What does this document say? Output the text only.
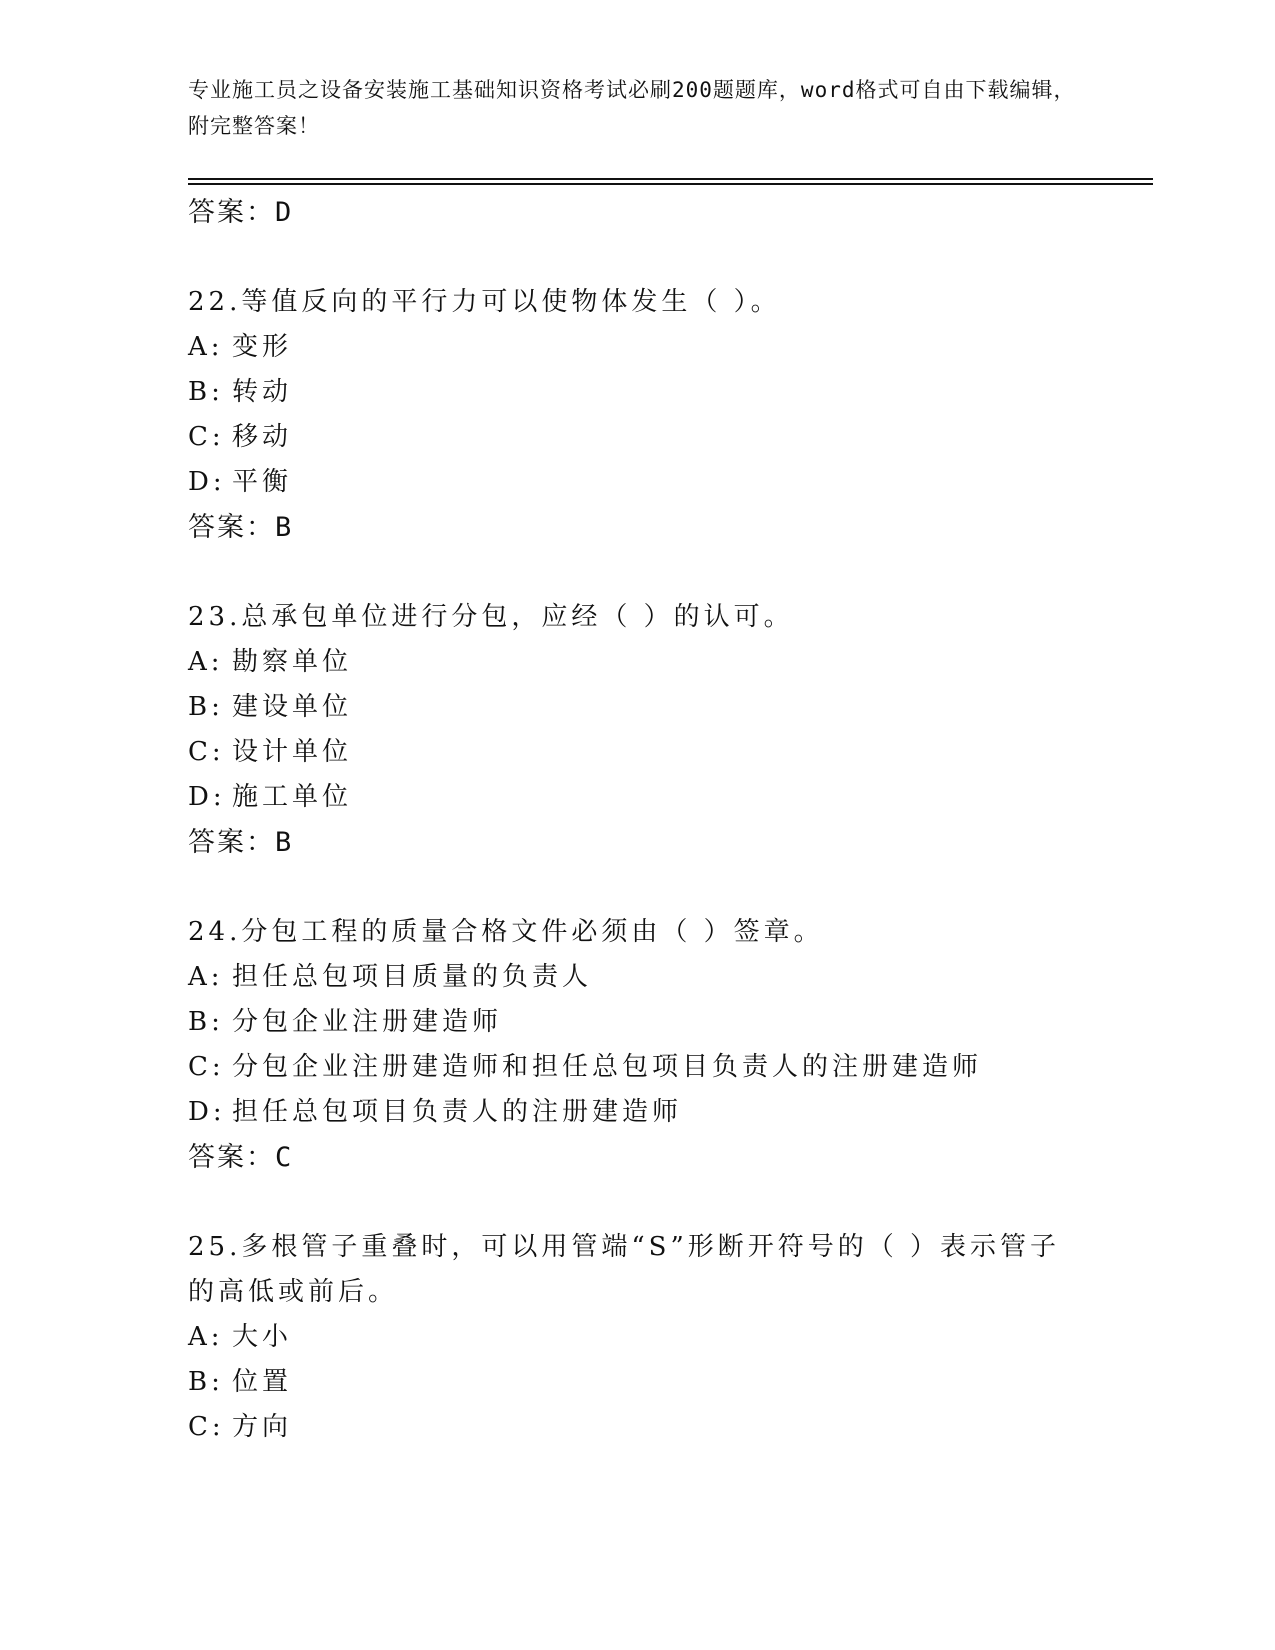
专业施工员之设备安装施工基础知识资格考试必刷200题题库，word格式可自由下载编辑，附完整答案！

答案：D

22.等值反向的平行力可以使物体发生（ ）。

A: 变形

B: 转动

C: 移动

D: 平衡

答案：B

23.总承包单位进行分包，应经（ ）的认可。

A: 勘察单位

B: 建设单位

C: 设计单位

D: 施工单位

答案：B

24.分包工程的质量合格文件必须由（ ）签章。

A: 担任总包项目质量的负责人

B: 分包企业注册建造师

C: 分包企业注册建造师和担任总包项目负责人的注册建造师

D: 担任总包项目负责人的注册建造师

答案：C

25.多根管子重叠时，可以用管端“S”形断开符号的（ ）表示管子的高低或前后。

A: 大小

B: 位置

C: 方向
